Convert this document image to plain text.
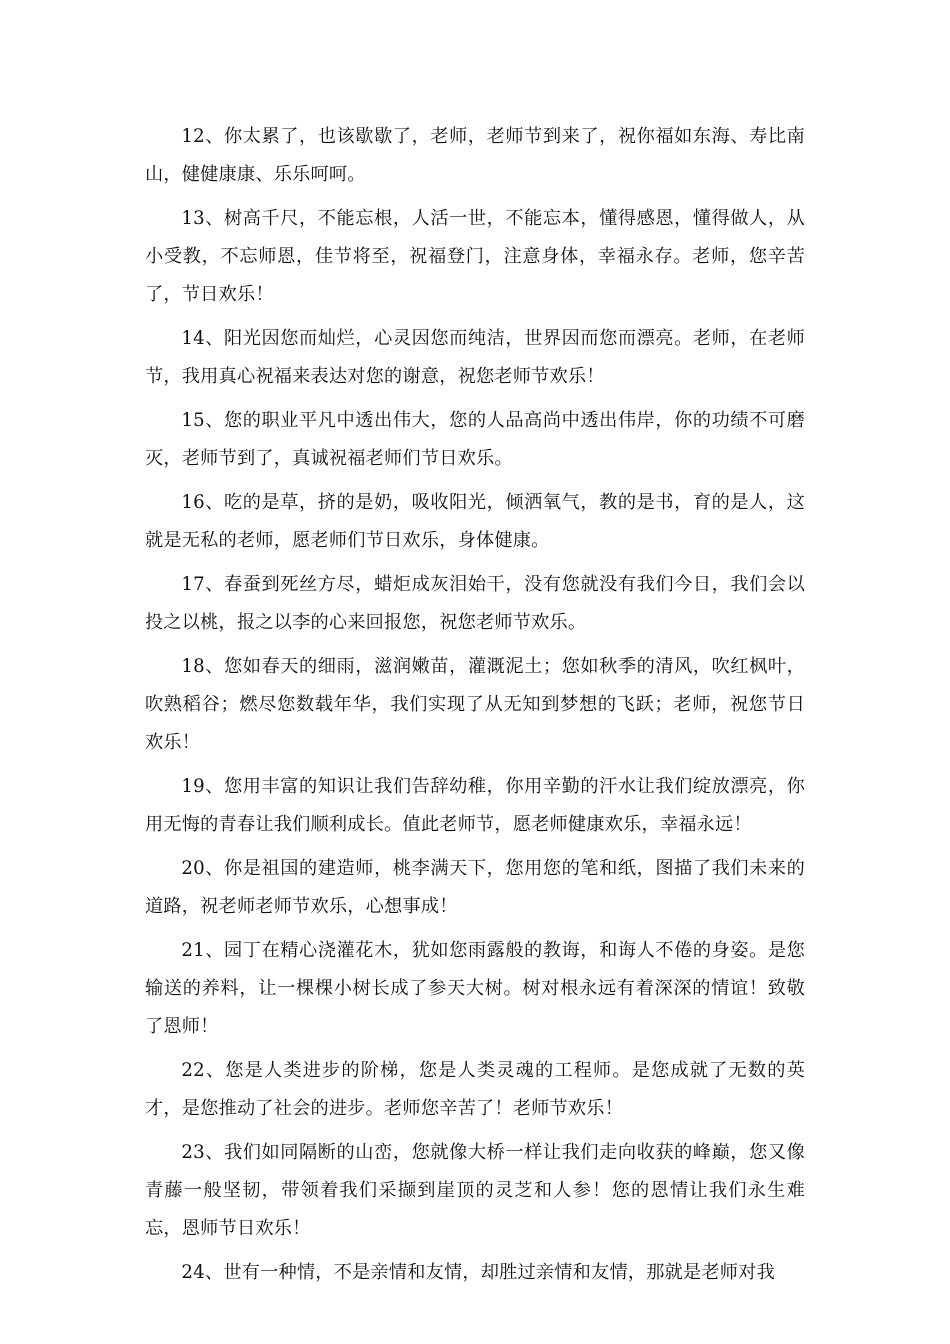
12、你太累了，也该歇歇了，老师，老师节到来了，祝你福如东海、寿比南山，健健康康、乐乐呵呵。

13、树高千尺，不能忘根，人活一世，不能忘本，懂得感恩，懂得做人，从小受教，不忘师恩，佳节将至，祝福登门，注意身体，幸福永存。老师，您辛苦了，节日欢乐！

14、阳光因您而灿烂，心灵因您而纯洁，世界因而您而漂亮。老师，在老师节，我用真心祝福来表达对您的谢意，祝您老师节欢乐！

15、您的职业平凡中透出伟大，您的人品高尚中透出伟岸，你的功绩不可磨灭，老师节到了，真诚祝福老师们节日欢乐。

16、吃的是草，挤的是奶，吸收阳光，倾洒氧气，教的是书，育的是人，这就是无私的老师，愿老师们节日欢乐，身体健康。

17、春蚕到死丝方尽，蜡炬成灰泪始干，没有您就没有我们今日，我们会以投之以桃，报之以李的心来回报您，祝您老师节欢乐。

18、您如春天的细雨，滋润嫩苗，灌溉泥土；您如秋季的清风，吹红枫叶，吹熟稻谷；燃尽您数载年华，我们实现了从无知到梦想的飞跃；老师，祝您节日欢乐！

19、您用丰富的知识让我们告辞幼稚，你用辛勤的汗水让我们绽放漂亮，你用无悔的青春让我们顺利成长。值此老师节，愿老师健康欢乐，幸福永远！

20、你是祖国的建造师，桃李满天下，您用您的笔和纸，图描了我们未来的道路，祝老师老师节欢乐，心想事成！

21、园丁在精心浇灌花木，犹如您雨露般的教诲，和诲人不倦的身姿。是您输送的养料，让一棵棵小树长成了参天大树。树对根永远有着深深的情谊！致敬了恩师！

22、您是人类进步的阶梯，您是人类灵魂的工程师。是您成就了无数的英才，是您推动了社会的进步。老师您辛苦了！老师节欢乐！

23、我们如同隔断的山峦，您就像大桥一样让我们走向收获的峰巅，您又像青藤一般坚韧，带领着我们采撷到崖顶的灵芝和人参！您的恩情让我们永生难忘，恩师节日欢乐！

24、世有一种情，不是亲情和友情，却胜过亲情和友情，那就是老师对我
